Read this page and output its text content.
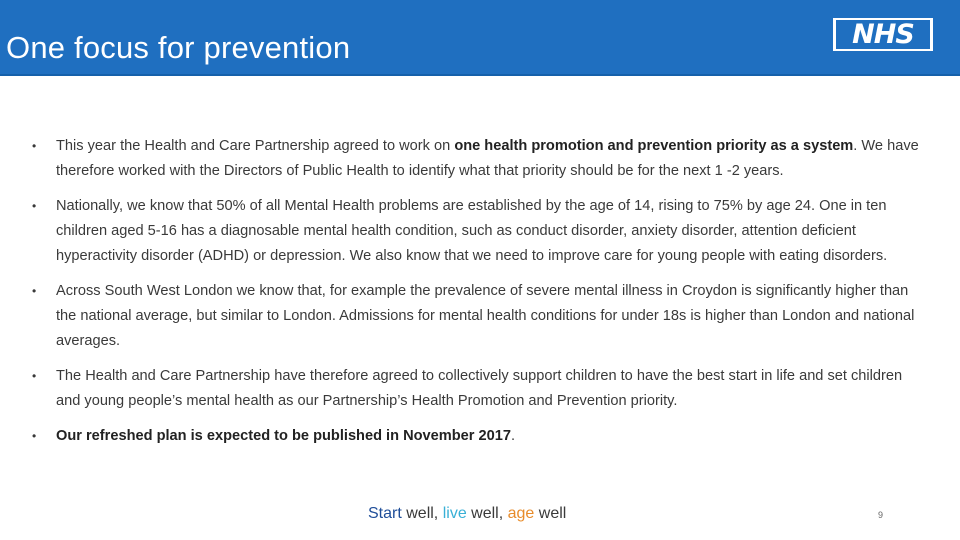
One focus for prevention	NHS
• This year the Health and Care Partnership agreed to work on one health promotion and prevention priority as a system. We have therefore worked with the Directors of Public Health to identify what that priority should be for the next 1 -2 years.
• Nationally, we know that 50% of all Mental Health problems are established by the age of 14, rising to 75% by age 24. One in ten children aged 5-16 has a diagnosable mental health condition, such as conduct disorder, anxiety disorder, attention deficient hyperactivity disorder (ADHD) or depression. We also know that we need to improve care for young people with eating disorders.
• Across South West London we know that, for example the prevalence of severe mental illness in Croydon is significantly higher than the national average, but similar to London. Admissions for mental health conditions for under 18s is higher than London and national averages.
• The Health and Care Partnership have therefore agreed to collectively support children to have the best start in life and set children and young people’s mental health as our Partnership’s Health Promotion and Prevention priority.
• Our refreshed plan is expected to be published in November 2017.
Start well, live well, age well	9
